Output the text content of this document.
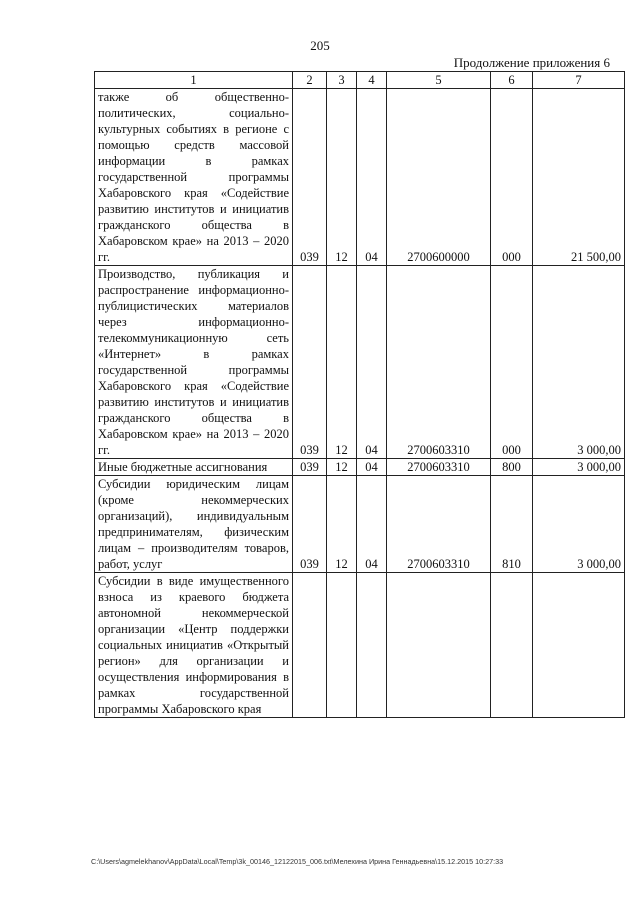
205
Продолжение приложения 6
1	2	3	4	5	6	7
также об общественно-политических, социально-культурных событиях в регионе с помощью средств массовой информации в рамках государственной программы Хабаровского края «Содействие развитию институтов и инициатив гражданского общества в Хабаровском крае» на 2013 – 2020 гг.	039	12	04	2700600000	000	21 500,00
Производство, публикация и распространение информационно-публицистических материалов через информационно-телекоммуникационную сеть «Интернет» в рамках государственной программы Хабаровского края «Содействие развитию институтов и инициатив гражданского общества в Хабаровском крае» на 2013 – 2020 гг.	039	12	04	2700603310	000	3 000,00
Иные бюджетные ассигнования	039	12	04	2700603310	800	3 000,00
Субсидии юридическим лицам (кроме некоммерческих организаций), индивидуальным предпринимателям, физическим лицам – производителям товаров, работ, услуг	039	12	04	2700603310	810	3 000,00
Субсидии в виде имущественного взноса из краевого бюджета автономной некоммерческой организации «Центр поддержки социальных инициатив «Открытый регион» для организации и осуществления информирования в рамках государственной программы Хабаровского края						
C:\Users\agmelekhanov\AppData\Local\Temp\3k_00146_12122015_006.txt\Мелехина Ирина Геннадьевна\15.12.2015 10:27:33
